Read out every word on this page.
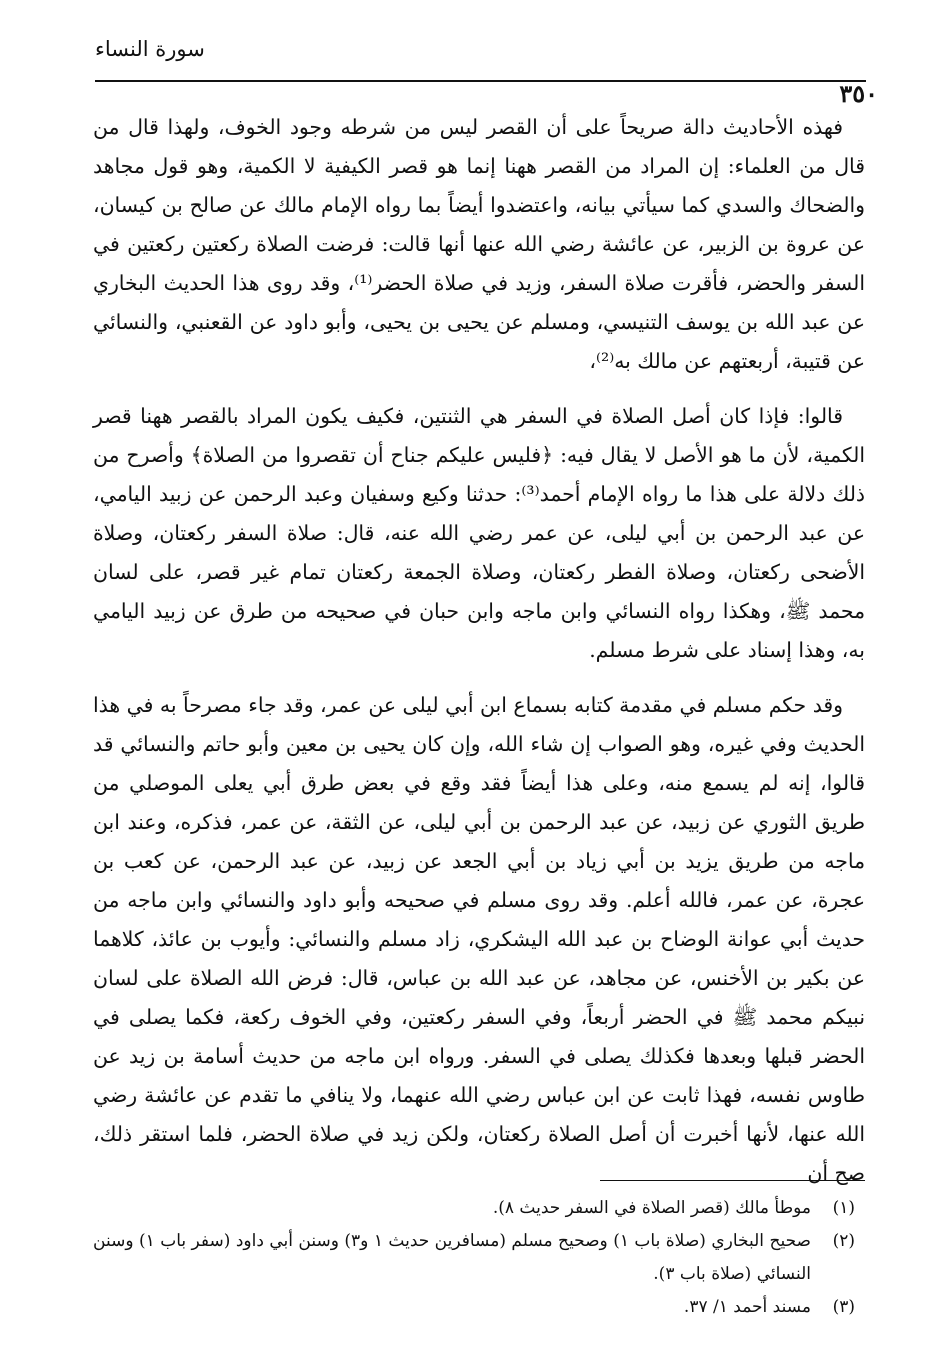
سورة النساء
٣٥٠

فهذه الأحاديث دالة صريحاً على أن القصر ليس من شرطه وجود الخوف، ولهذا قال من قال من العلماء: إن المراد من القصر ههنا إنما هو قصر الكيفية لا الكمية، وهو قول مجاهد والضحاك والسدي كما سيأتي بيانه، واعتضدوا أيضاً بما رواه الإمام مالك عن صالح بن كيسان، عن عروة بن الزبير، عن عائشة رضي الله عنها أنها قالت: فرضت الصلاة ركعتين ركعتين في السفر والحضر، فأقرت صلاة السفر، وزيد في صلاة الحضر⁽¹⁾، وقد روى هذا الحديث البخاري عن عبد الله بن يوسف التنيسي، ومسلم عن يحيى بن يحيى، وأبو داود عن القعنبي، والنسائي عن قتيبة، أربعتهم عن مالك به⁽²⁾،

قالوا: فإذا كان أصل الصلاة في السفر هي الثنتين، فكيف يكون المراد بالقصر ههنا قصر الكمية، لأن ما هو الأصل لا يقال فيه: ﴿فليس عليكم جناح أن تقصروا من الصلاة﴾ وأصرح من ذلك دلالة على هذا ما رواه الإمام أحمد⁽³⁾: حدثنا وكيع وسفيان وعبد الرحمن عن زبيد اليامي، عن عبد الرحمن بن أبي ليلى، عن عمر رضي الله عنه، قال: صلاة السفر ركعتان، وصلاة الأضحى ركعتان، وصلاة الفطر ركعتان، وصلاة الجمعة ركعتان تمام غير قصر، على لسان محمد ﷺ، وهكذا رواه النسائي وابن ماجه وابن حبان في صحيحه من طرق عن زبيد اليامي به، وهذا إسناد على شرط مسلم.

وقد حكم مسلم في مقدمة كتابه بسماع ابن أبي ليلى عن عمر، وقد جاء مصرحاً به في هذا الحديث وفي غيره، وهو الصواب إن شاء الله، وإن كان يحيى بن معين وأبو حاتم والنسائي قد قالوا، إنه لم يسمع منه، وعلى هذا أيضاً فقد وقع في بعض طرق أبي يعلى الموصلي من طريق الثوري عن زبيد، عن عبد الرحمن بن أبي ليلى، عن الثقة، عن عمر، فذكره، وعند ابن ماجه من طريق يزيد بن أبي زياد بن أبي الجعد عن زبيد، عن عبد الرحمن، عن كعب بن عجرة، عن عمر، فالله أعلم. وقد روى مسلم في صحيحه وأبو داود والنسائي وابن ماجه من حديث أبي عوانة الوضاح بن عبد الله اليشكري، زاد مسلم والنسائي: وأيوب بن عائذ، كلاهما عن بكير بن الأخنس، عن مجاهد، عن عبد الله بن عباس، قال: فرض الله الصلاة على لسان نبيكم محمد ﷺ في الحضر أربعاً، وفي السفر ركعتين، وفي الخوف ركعة، فكما يصلى في الحضر قبلها وبعدها فكذلك يصلى في السفر. ورواه ابن ماجه من حديث أسامة بن زيد عن طاوس نفسه، فهذا ثابت عن ابن عباس رضي الله عنهما، ولا ينافي ما تقدم عن عائشة رضي الله عنها، لأنها أخبرت أن أصل الصلاة ركعتان، ولكن زيد في صلاة الحضر، فلما استقر ذلك، صح أن

(١)
موطأ مالك (قصر الصلاة في السفر حديث ٨).
(٢)
صحيح البخاري (صلاة باب ١) وصحيح مسلم (مسافرين حديث ١ و٣) وسنن أبي داود (سفر باب ١) وسنن النسائي (صلاة باب ٣).
(٣)
مسند أحمد ١/ ٣٧.
